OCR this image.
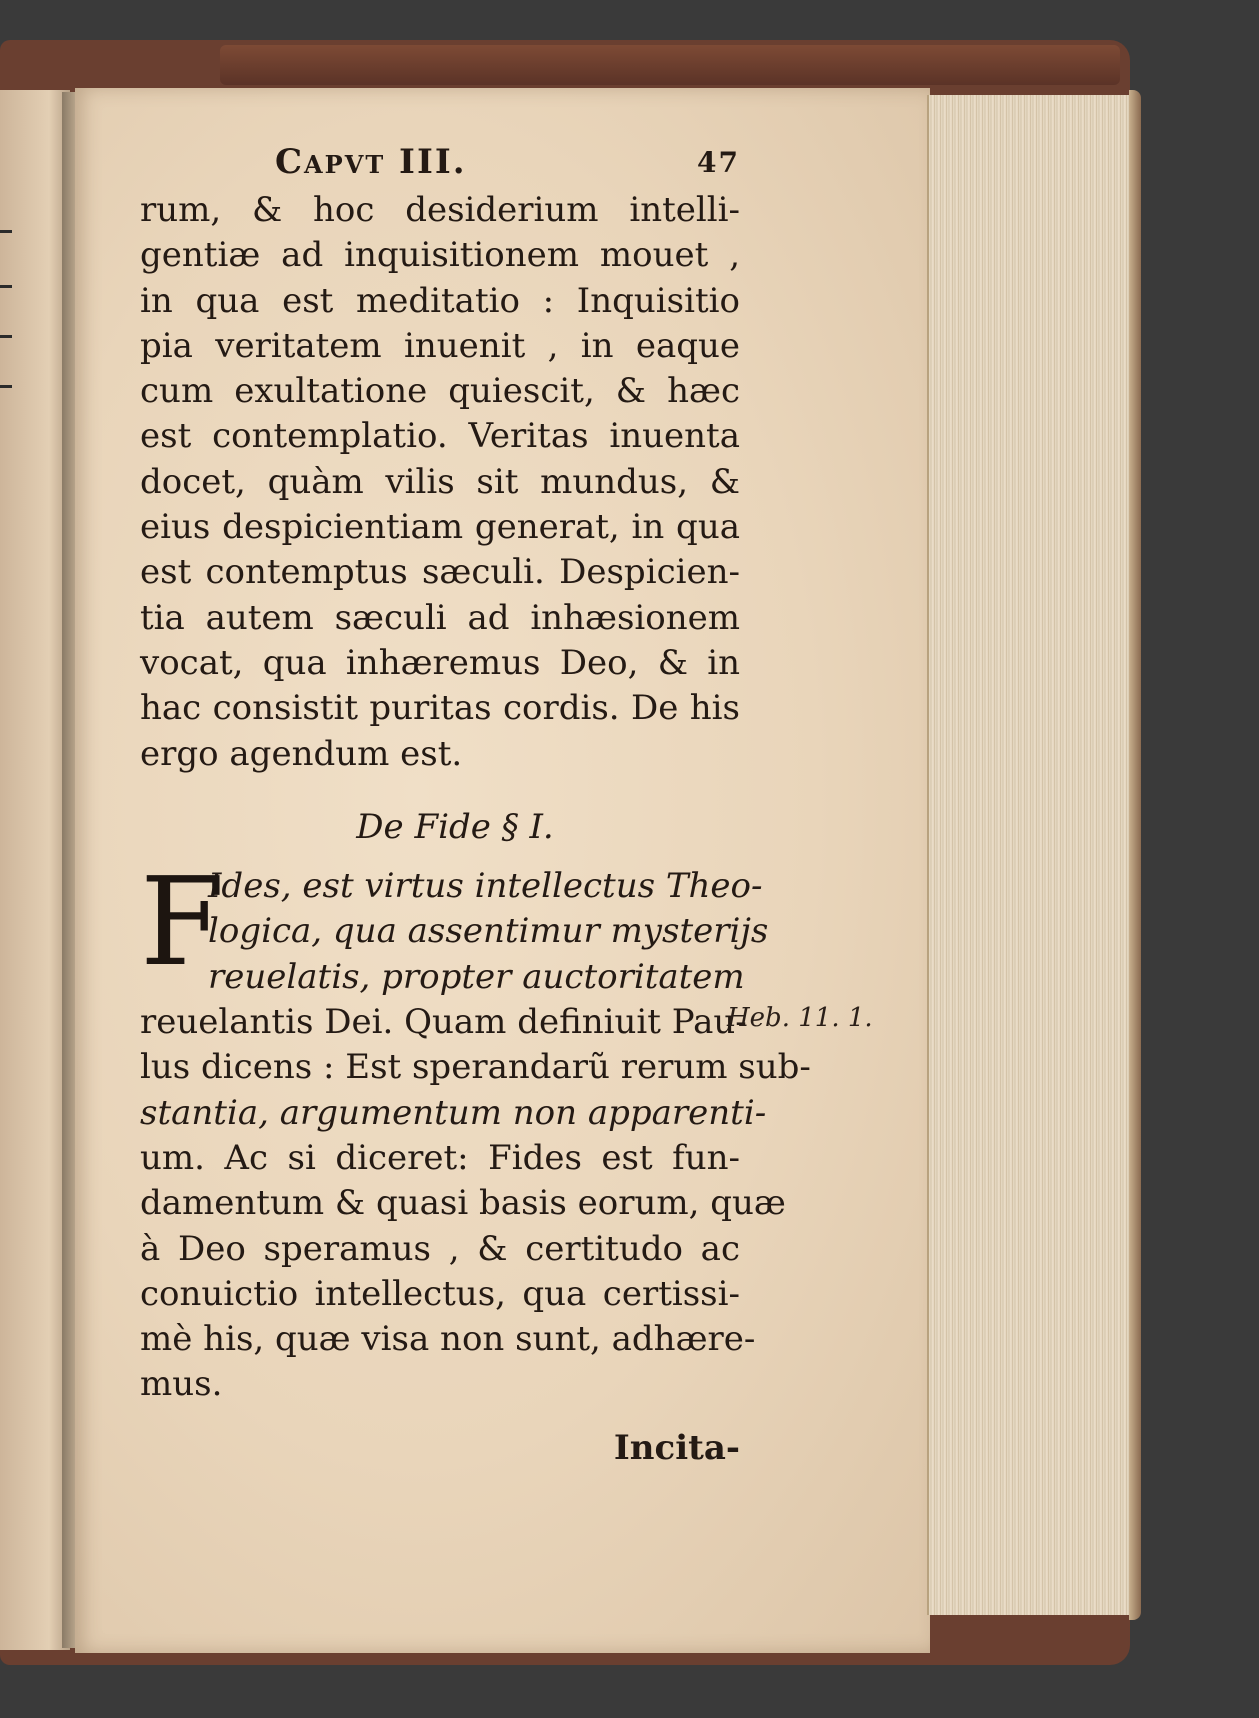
Capvt III.	47
rum, & hoc desiderium intelli-
gentiæ ad inquisitionem mouet ,
in qua est meditatio : Inquisitio
pia veritatem inuenit , in eaque
cum exultatione quiescit, & hæc
est contemplatio. Veritas inuenta
docet, quàm vilis sit mundus, &
eius despicientiam generat, in qua
est contemptus sæculi. Despicien-
tia autem sæculi ad inhæsionem
vocat, qua inhæremus Deo, & in
hac consistit puritas cordis. De his
ergo agendum est.
De Fide § I.
F
Ides, est virtus intellectus Theo-
logica, qua assentimur mysterijs
reuelatis, propter auctoritatem
reuelantis Dei. Quam definiuit Pau-
lus dicens : Est sperandarũ rerum sub-
stantia, argumentum non apparenti-
um. Ac si diceret: Fides est fun-
damentum & quasi basis eorum, quæ
à Deo speramus , & certitudo ac
conuictio intellectus, qua certissi-
mè his, quæ visa non sunt, adhære-
mus.
Incita-
Heb. 11. 1.
